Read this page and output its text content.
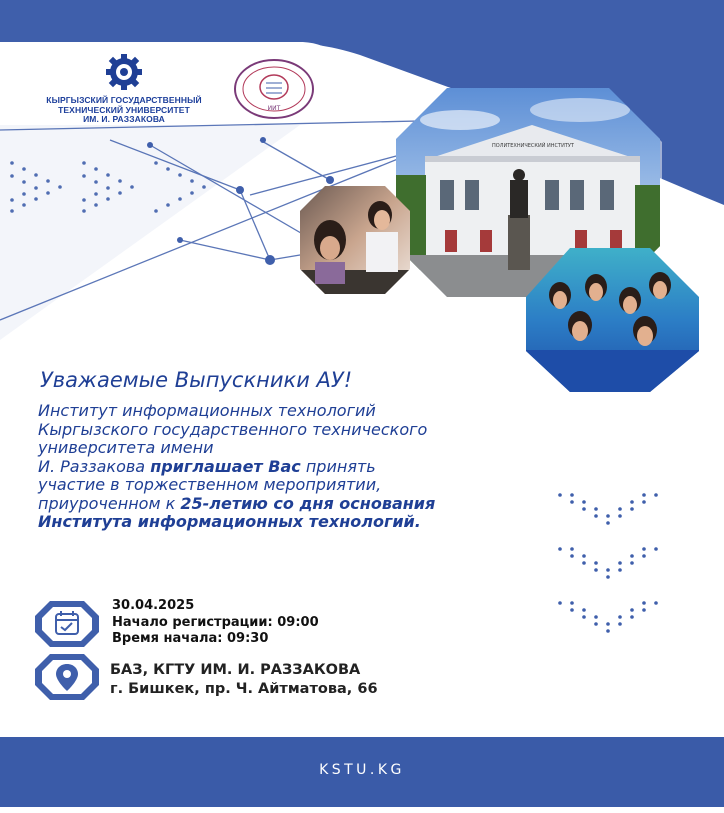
ПОЛИТЕХНИЧЕСКИЙ ИНСТИТУТ
КЫРГЫЗСКИЙ ГОСУДАРСТВЕННЫЙ
ТЕХНИЧЕСКИЙ УНИВЕРСИТЕТ
ИМ. И. РАЗЗАКОВА
ИИТ
Уважаемые Выпускники АУ!
Институт информационных технологий
Кыргызского государственного технического
университета имени
И. Раззакова приглашает Вас принять
участие в торжественном мероприятии,
приуроченном к 25-летию со дня основания
Института информационных технологий.
30.04.2025
Начало регистрации: 09:00
Время начала: 09:30
БАЗ, КГТУ ИМ. И. РАЗЗАКОВА
г. Бишкек, пр. Ч. Айтматова, 66
KSTU.KG
